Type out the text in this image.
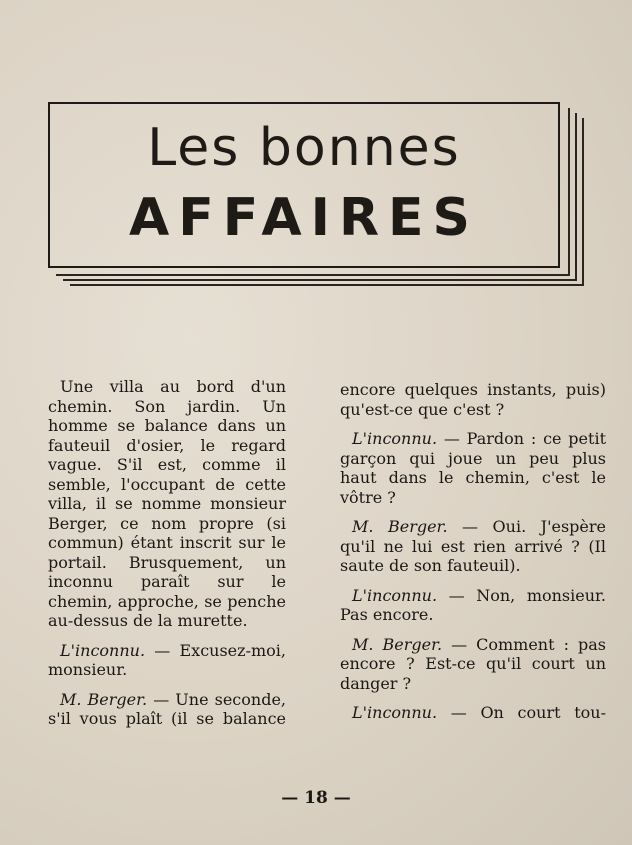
Les bonnes
AFFAIRES

Une villa au bord d'un chemin. Son jardin. Un homme se balance dans un fauteuil d'osier, le regard vague. S'il est, comme il semble, l'occupant de cette villa, il se nomme monsieur Berger, ce nom propre (si commun) étant inscrit sur le portail. Brusquement, un inconnu paraît sur le chemin, approche, se penche au-dessus de la murette.

L'inconnu. — Excusez-moi, monsieur.

M. Berger. — Une seconde, s'il vous plaît (il se balance

encore quelques instants, puis) qu'est-ce que c'est ?

L'inconnu. — Pardon : ce petit garçon qui joue un peu plus haut dans le chemin, c'est le vôtre ?

M. Berger. — Oui. J'espère qu'il ne lui est rien arrivé ? (Il saute de son fauteuil).

L'inconnu. — Non, monsieur. Pas encore.

M. Berger. — Comment : pas encore ? Est-ce qu'il court un danger ?

L'inconnu. — On court tou-

— 18 —
